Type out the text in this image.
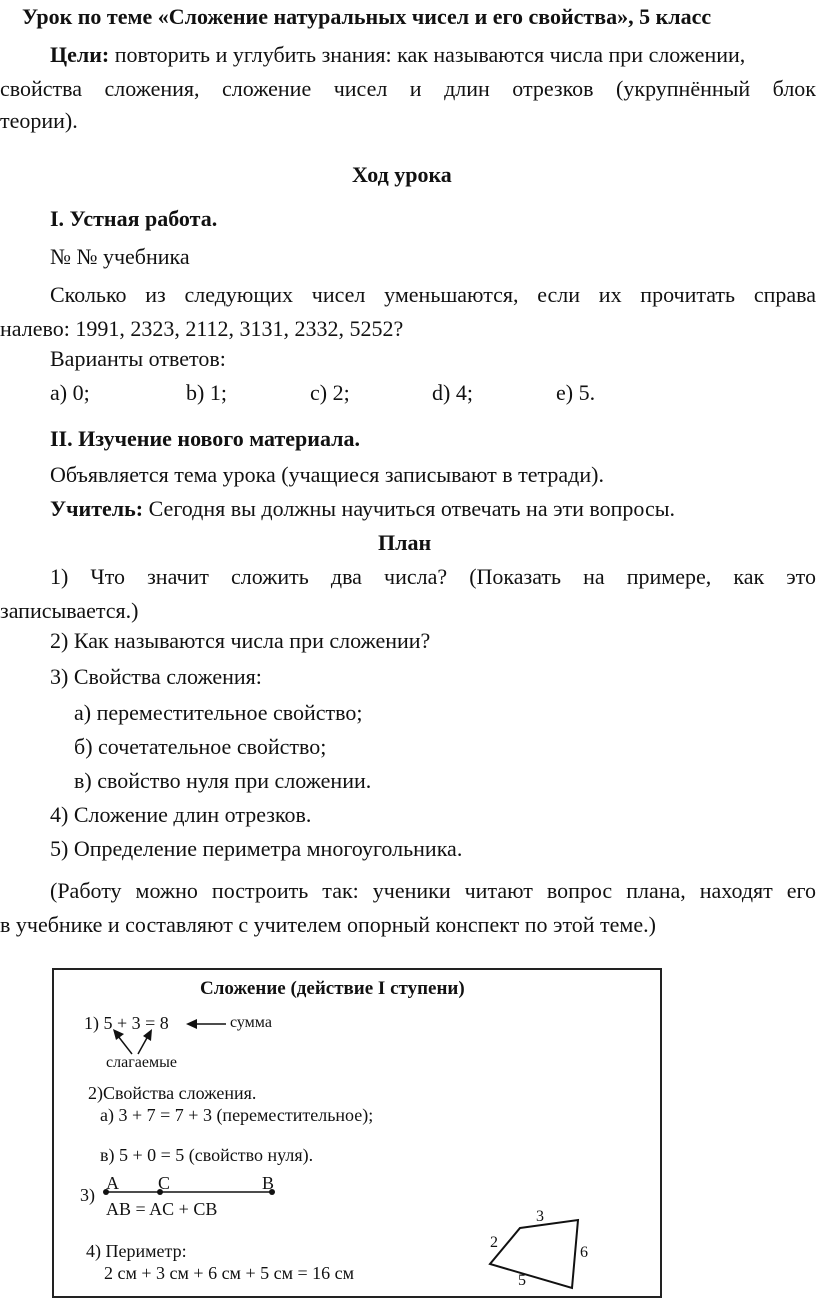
Урок по теме «Сложение натуральных чисел и его свойства», 5 класс
Цели: повторить и углубить знания: как называются числа при сложении,
свойства сложения, сложение чисел и длин отрезков (укрупнённый блок
теории).
Ход урока
I. Устная работа.
№ № учебника
Сколько из следующих чисел уменьшаются, если их прочитать справа
налево: 1991, 2323, 2112, 3131, 2332, 5252?
Варианты ответов:
а) 0;	b) 1;	c) 2;	d) 4;	e) 5.
II. Изучение нового материала.
Объявляется тема урока (учащиеся записывают в тетради).
Учитель: Сегодня вы должны научиться отвечать на эти вопросы.
План
1) Что значит сложить два числа? (Показать на примере, как это
записывается.)
2) Как называются числа при сложении?
3) Свойства сложения:
а) переместительное свойство;
б) сочетательное свойство;
в) свойство нуля при сложении.
4) Сложение длин отрезков.
5) Определение периметра многоугольника.
(Работу можно построить так: ученики читают вопрос плана, находят его
в учебнике и составляют с учителем опорный конспект по этой теме.)
Сложение (действие I ступени)
1) 5 + 3 = 8	сумма
слагаемые
2)Свойства сложения.
а) 3 + 7 = 7 + 3 (переместительное);
в) 5 + 0 = 5 (свойство нуля).
3)
A C	B
AB = AC + CB
4) Периметр:
2 см + 3 см + 6 см + 5 см = 16 см
3
2
6
5
